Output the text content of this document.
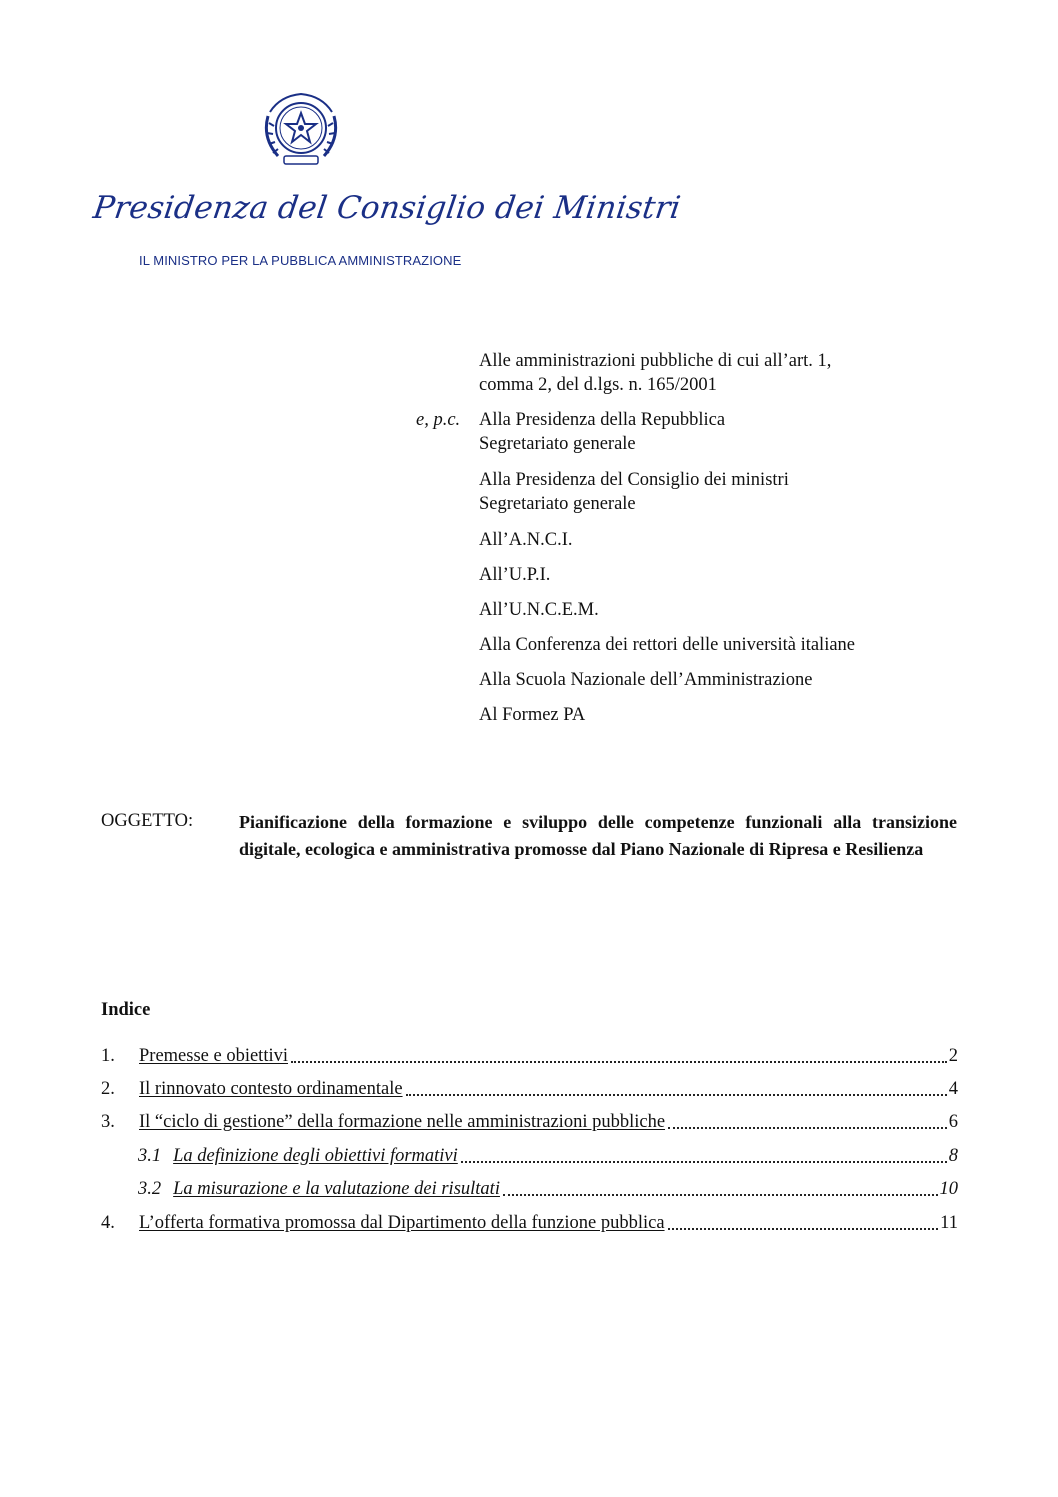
Presidenza del Consiglio dei Ministri
IL MINISTRO PER LA PUBBLICA AMMINISTRAZIONE
Alle amministrazioni pubbliche di cui all’art. 1,
comma 2, del d.lgs. n. 165/2001
e, p.c. Alla Presidenza della Repubblica
Segretariato generale
Alla Presidenza del Consiglio dei ministri
Segretariato generale
All’A.N.C.I.
All’U.P.I.
All’U.N.C.E.M.
Alla Conferenza dei rettori delle università italiane
Alla Scuola Nazionale dell’Amministrazione
Al Formez PA
OGGETTO:	Pianificazione della formazione e sviluppo delle competenze funzionali alla transizione digitale, ecologica e amministrativa promosse dal Piano Nazionale di Ripresa e Resilienza
Indice
1.	Premesse e obiettivi	2
2.	Il rinnovato contesto ordinamentale	4
3.	Il “ciclo di gestione” della formazione nelle amministrazioni pubbliche	6
3.1 La definizione degli obiettivi formativi	8
3.2 La misurazione e la valutazione dei risultati	10
4.	L’offerta formativa promossa dal Dipartimento della funzione pubblica	11
